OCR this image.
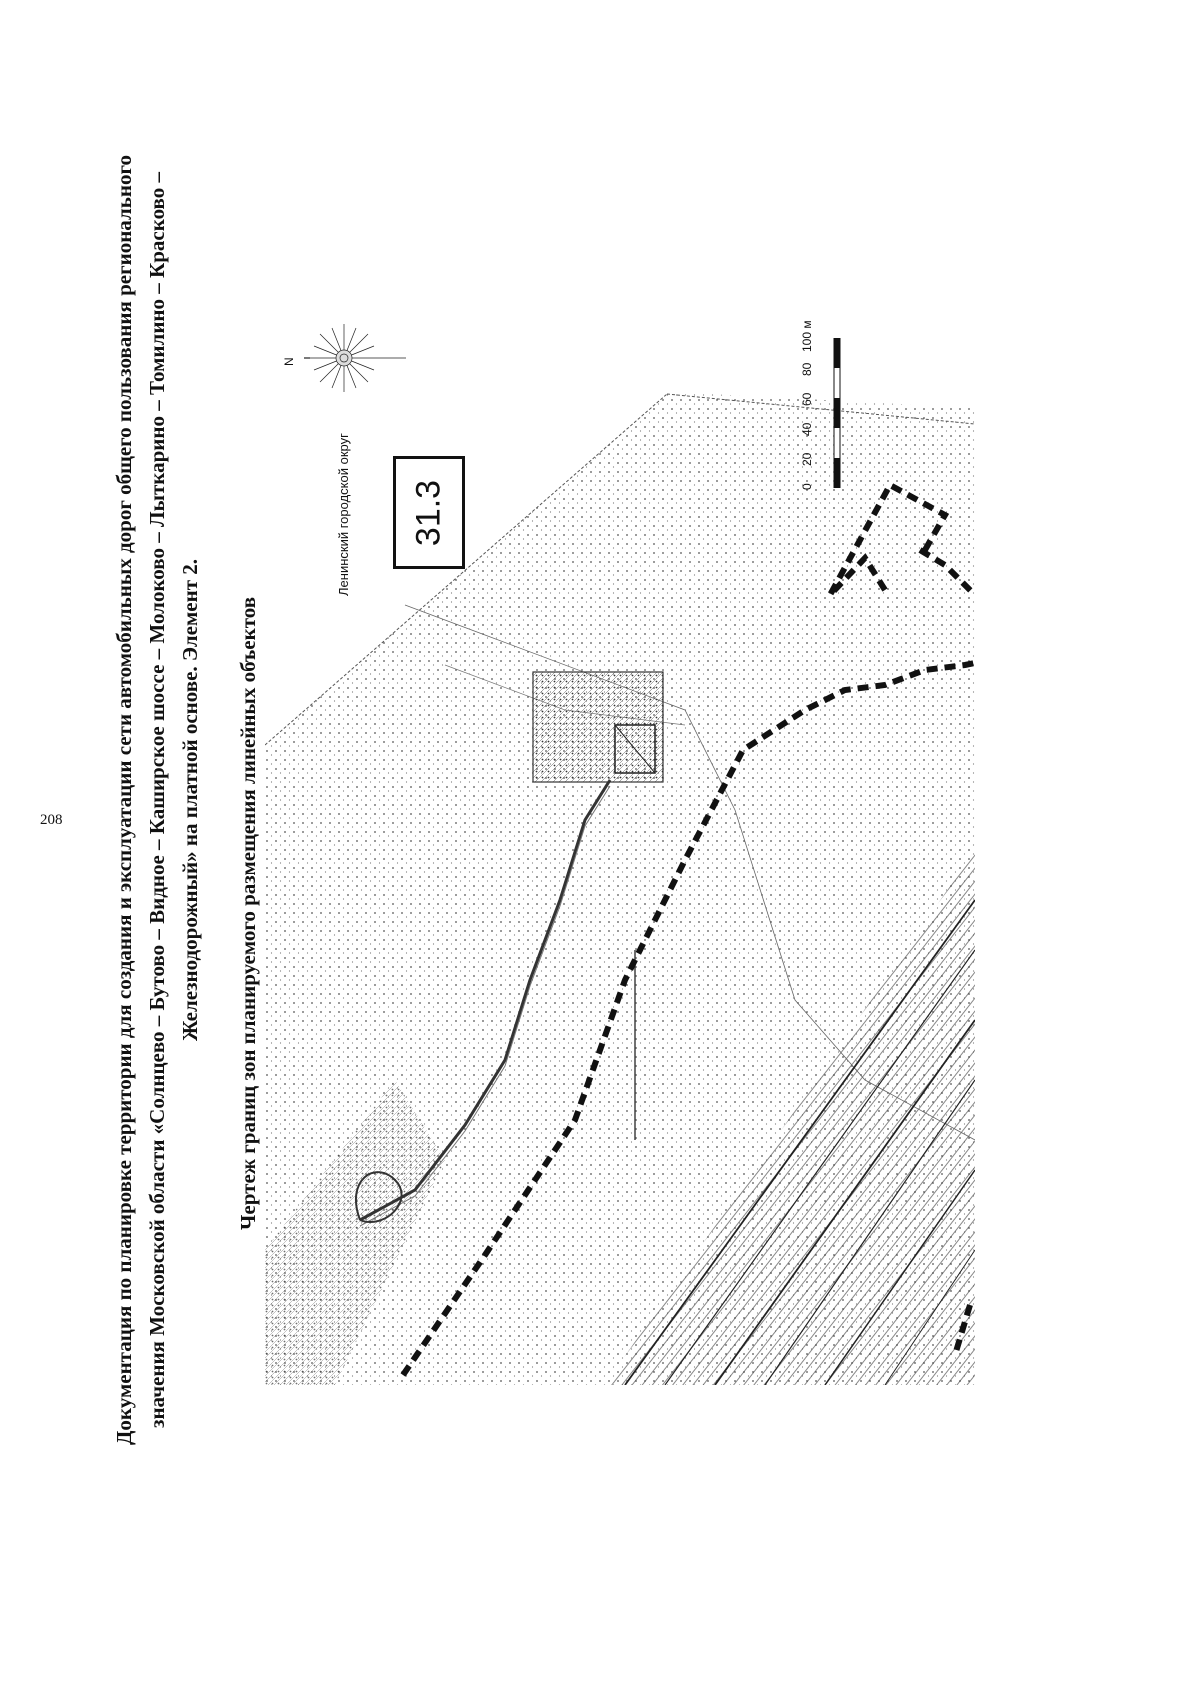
208 Документация по планировке территории для создания и эксплуатации сети автомобильных дорог общего пользования регионального значения Московской области «Солнцево – Бутово – Видное – Каширское шоссе – Молоково – Лыткарино – Томилино – Красково – Железнодорожный» на платной основе. Элемент 2. Чертеж границ зон планируемого размещения линейных объектов
31.3
Ленинский городской округ
N
0
20
40
60
80
100 м
